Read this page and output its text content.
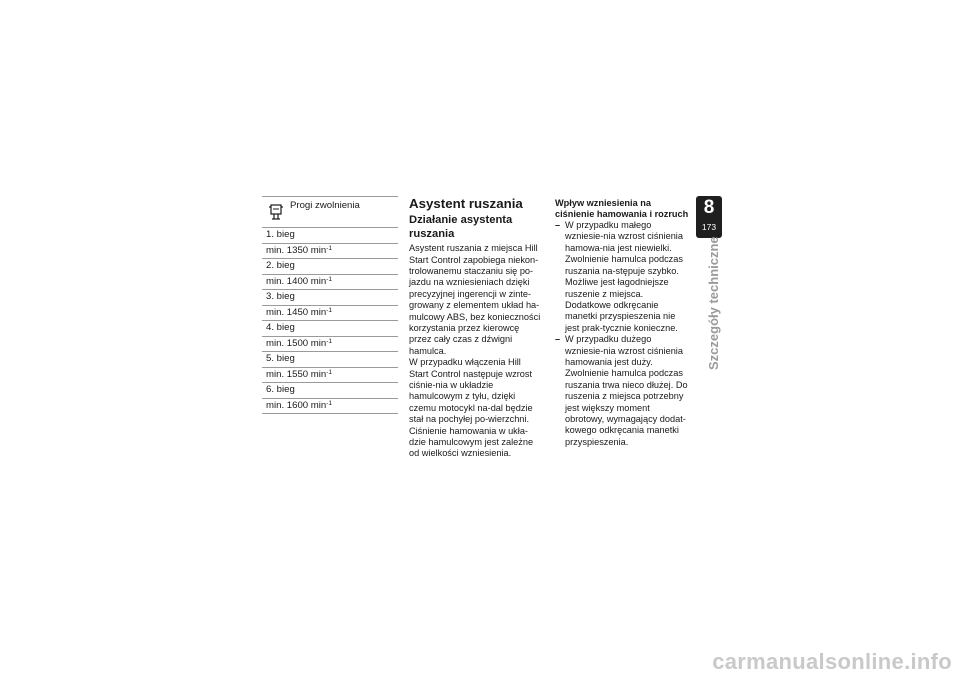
Progi zwolnienia
1. bieg
min. 1350 $\min^{-1}$
2. bieg
min. 1400 $\min^{-1}$
3. bieg
min. 1450 $\min^{-1}$
4. bieg
min. 1500 $\min^{-1}$
5. bieg
min. 1550 $\min^{-1}$
6. bieg
min. 1600 $\min^{-1}$
Asystent ruszania
Działanie asystenta ruszania

Asystent ruszania z miejsca Hill Start Control zapobiega niekon-trolowanemu staczaniu się po-jazdu na wzniesieniach dzięki precyzyjnej ingerencji w zinte-growany z elementem układ ha-mulcowy ABS, bez konieczności korzystania przez kierowcę przez cały czas z dźwigni hamulca.

W przypadku włączenia Hill Start Control następuje wzrost ciśnie-nia w układzie hamulcowym z tyłu, dzięki czemu motocykl na-dal będzie stał na pochyłej po-wierzchni.

Ciśnienie hamowania w ukła-dzie hamulcowym jest zależne od wielkości wzniesienia.

Wpływ wzniesienia na ciśnienie hamowania i rozruch
– W przypadku małego wzniesie-nia wzrost ciśnienia hamowa-nia jest niewielki. Zwolnienie hamulca podczas ruszania na-stępuje szybko. Możliwe jest łagodniejsze ruszenie z miejsca. Dodatkowe odkręcanie manetki przyspieszenia nie jest prak-tycznie konieczne.
– W przypadku dużego wzniesie-nia wzrost ciśnienia hamowania jest duży. Zwolnienie hamulca podczas ruszania trwa nieco dłużej. Do ruszenia z miejsca potrzebny jest większy moment obrotowy, wymagający dodat-kowego odkręcania manetki przyspieszenia.
8
173
Szczegóły techniczne
carmanualsonline.info
